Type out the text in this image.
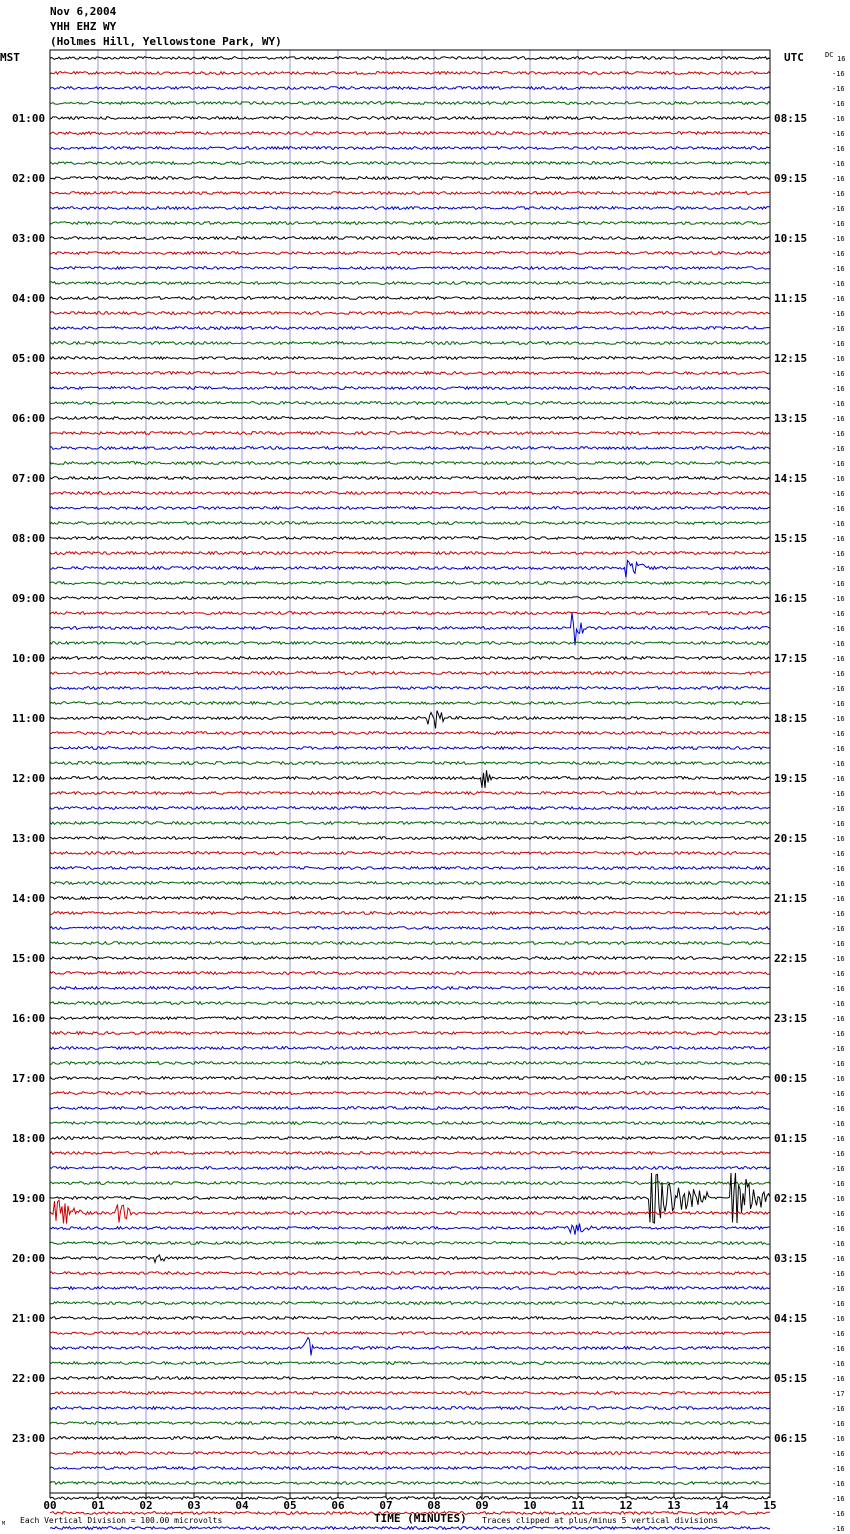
Nov 6,2004
YHH EHZ WY
(Holmes Hill, Yellowstone Park, WY)
01:00
02:00
03:00
04:00
05:00
06:00
07:00
08:00
09:00
10:00
11:00
12:00
13:00
14:00
15:00
16:00
17:00
18:00
19:00
20:00
21:00
22:00
23:00
08:15
09:15
10:15
11:15
12:15
13:15
14:15
15:15
16:15
17:15
18:15
19:15
20:15
21:15
22:15
23:15
00:15
01:15
02:15
03:15
04:15
05:15
06:15
16
-16
-16
-16
-16
-16
-16
-16
-16
-16
-16
-16
-16
-16
-16
-16
-16
-16
-16
-16
-16
-16
-16
-16
-16
-16
-16
-16
-16
-16
-16
-16
-16
-16
-16
-16
-16
-16
-16
-16
-16
-16
-16
-16
-16
-16
-16
-16
-16
-16
-16
-16
-16
-16
-16
-16
-16
-16
-16
-16
-16
-16
-16
-16
-16
-16
-16
-16
-16
-16
-16
-16
-16
-16
-16
-16
-16
-16
-16
-16
-16
-16
-16
-16
-16
-16
-16
-16
-16
-17
-16
-16
-16
-16
-16
-16
-16
-16
-16
00	01	02	03	04	05	06	07	08	09	10	11	12	13	14	15
MST	UTC	DC
TIME (MINUTES)
Each Vertical Division = 100.00 microvolts	Traces clipped at plus/minus 5 vertical divisions
M
